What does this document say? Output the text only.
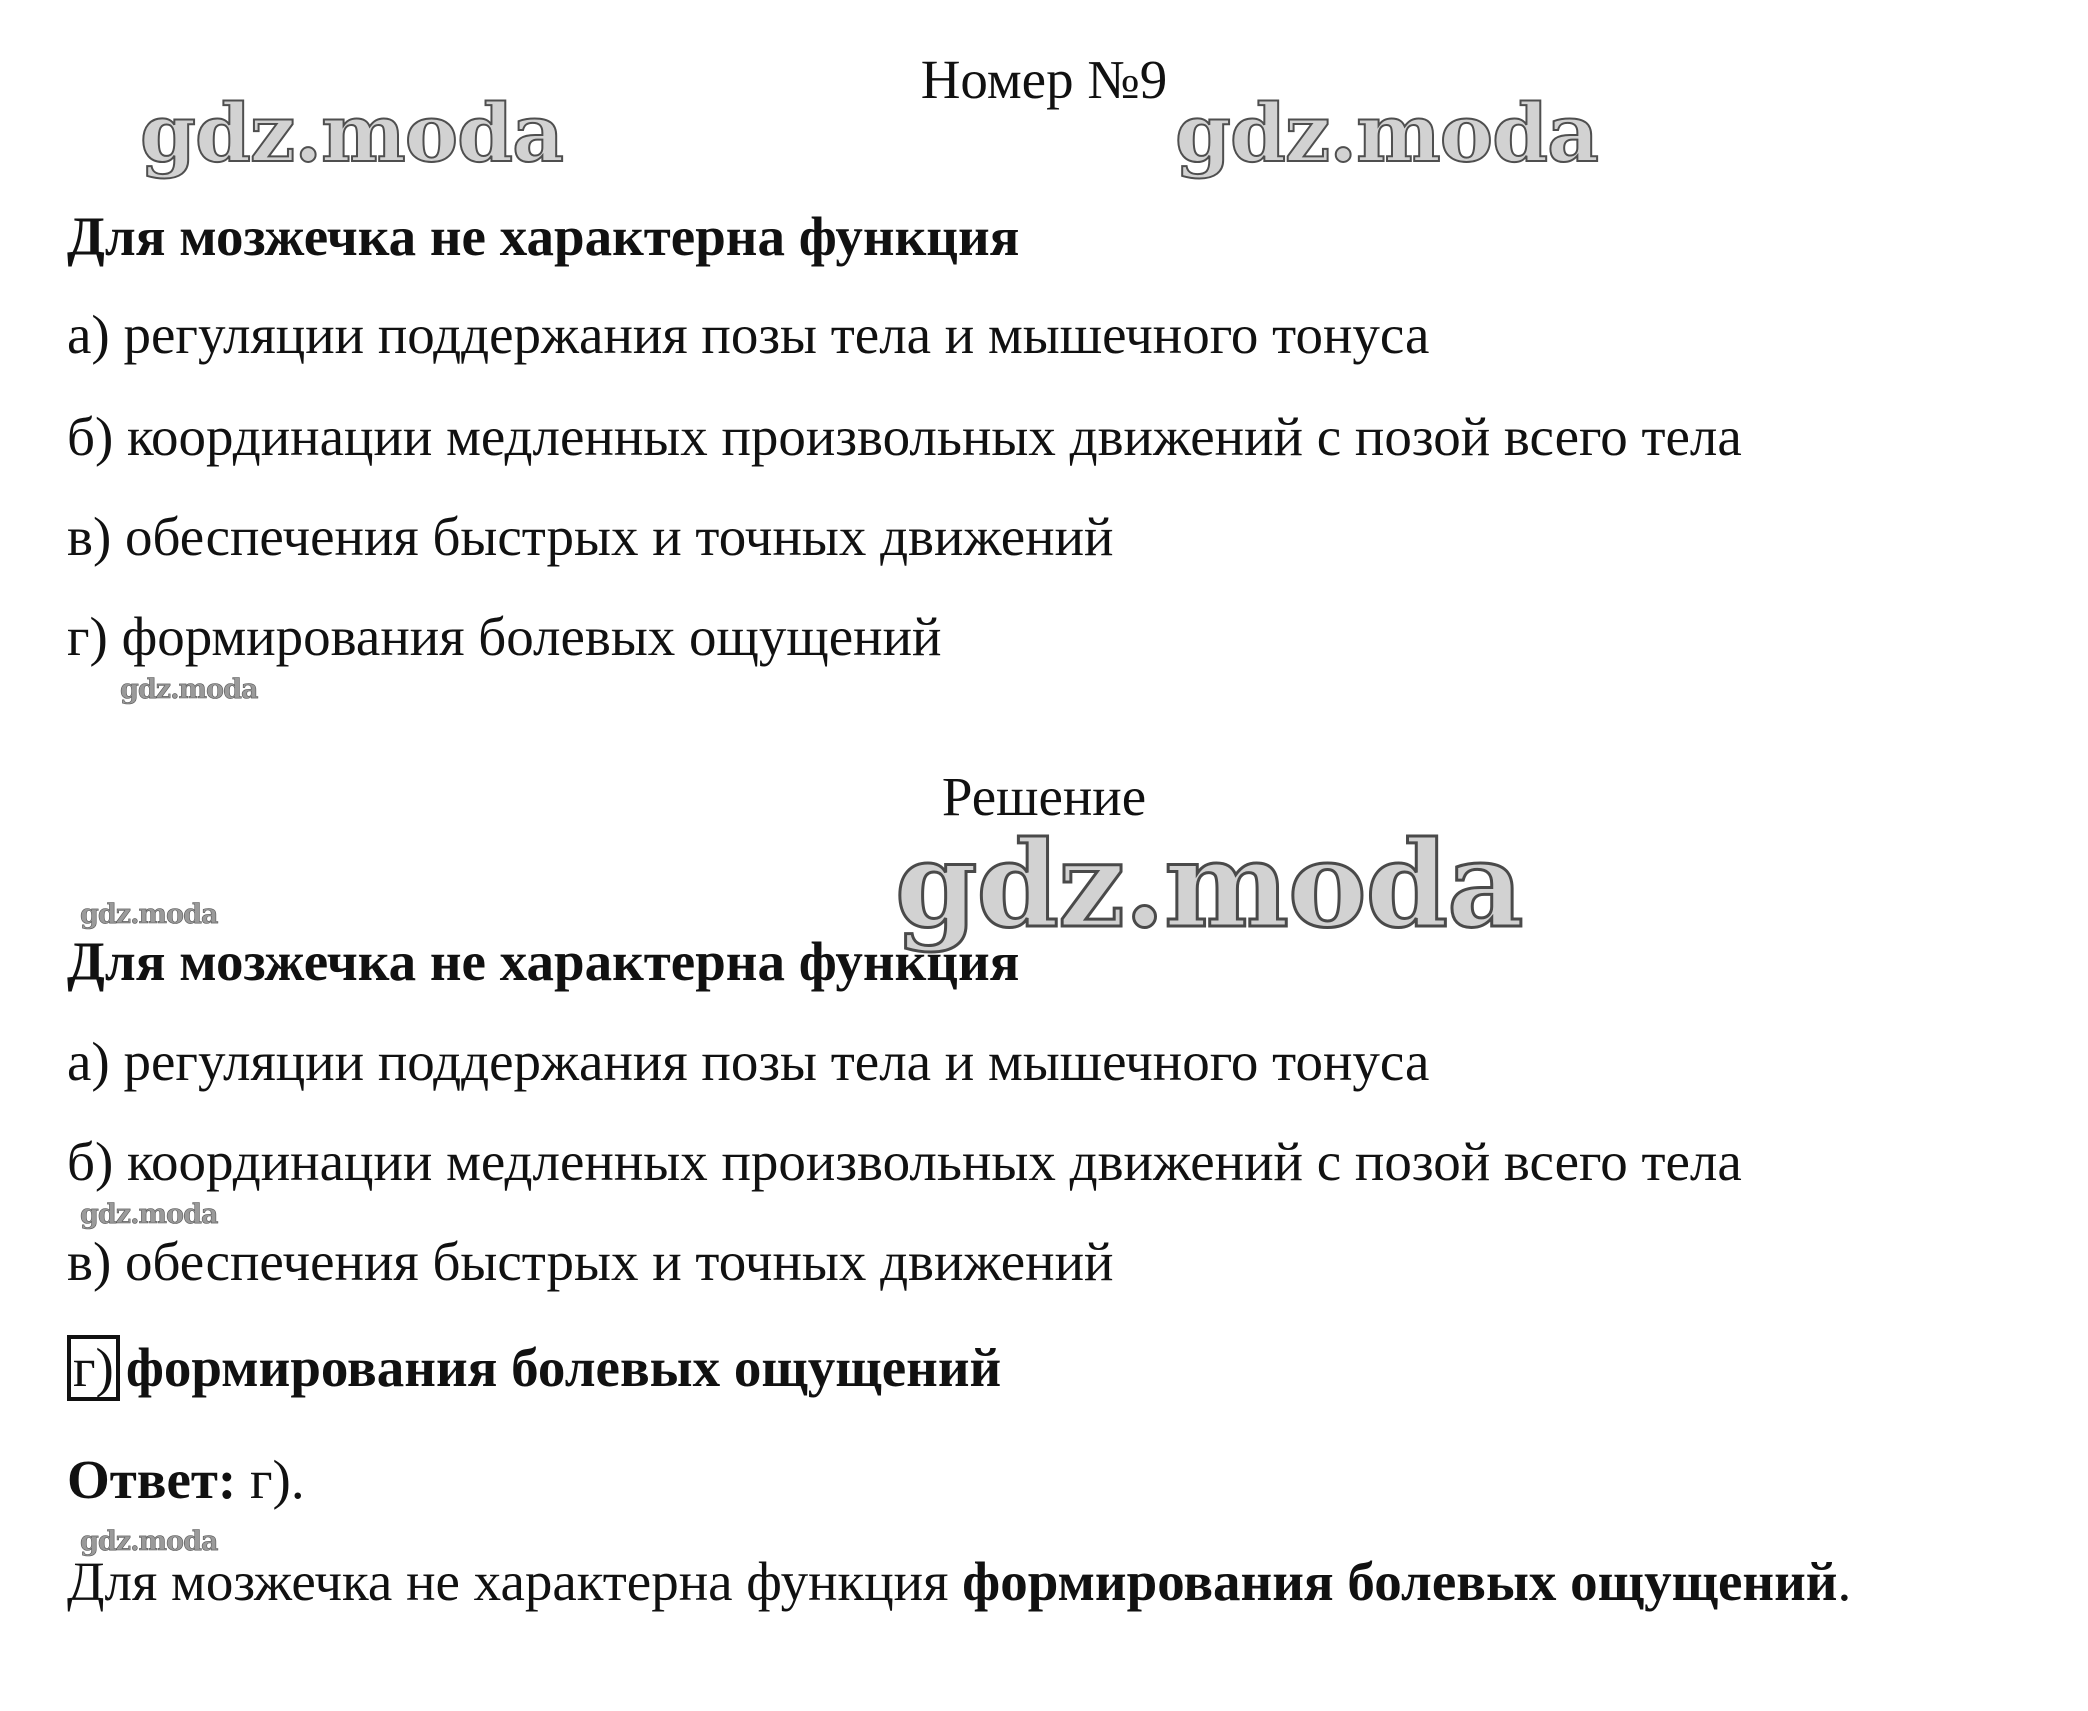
Номер №9
gdz.moda	gdz.moda
gdz.moda
gdz.moda
gdz.moda
gdz.moda
gdz.moda
Для мозжечка не характерна функция
а) регуляции поддержания позы тела и мышечного тонуса
б) координации медленных произвольных движений с позой всего тела
в) обеспечения быстрых и точных движений
г) формирования болевых ощущений
Решение
Для мозжечка не характерна функция
а) регуляции поддержания позы тела и мышечного тонуса
б) координации медленных произвольных движений с позой всего тела
в) обеспечения быстрых и точных движений
г) формирования болевых ощущений
Ответ: г).
Для мозжечка не характерна функция формирования болевых ощущений.
